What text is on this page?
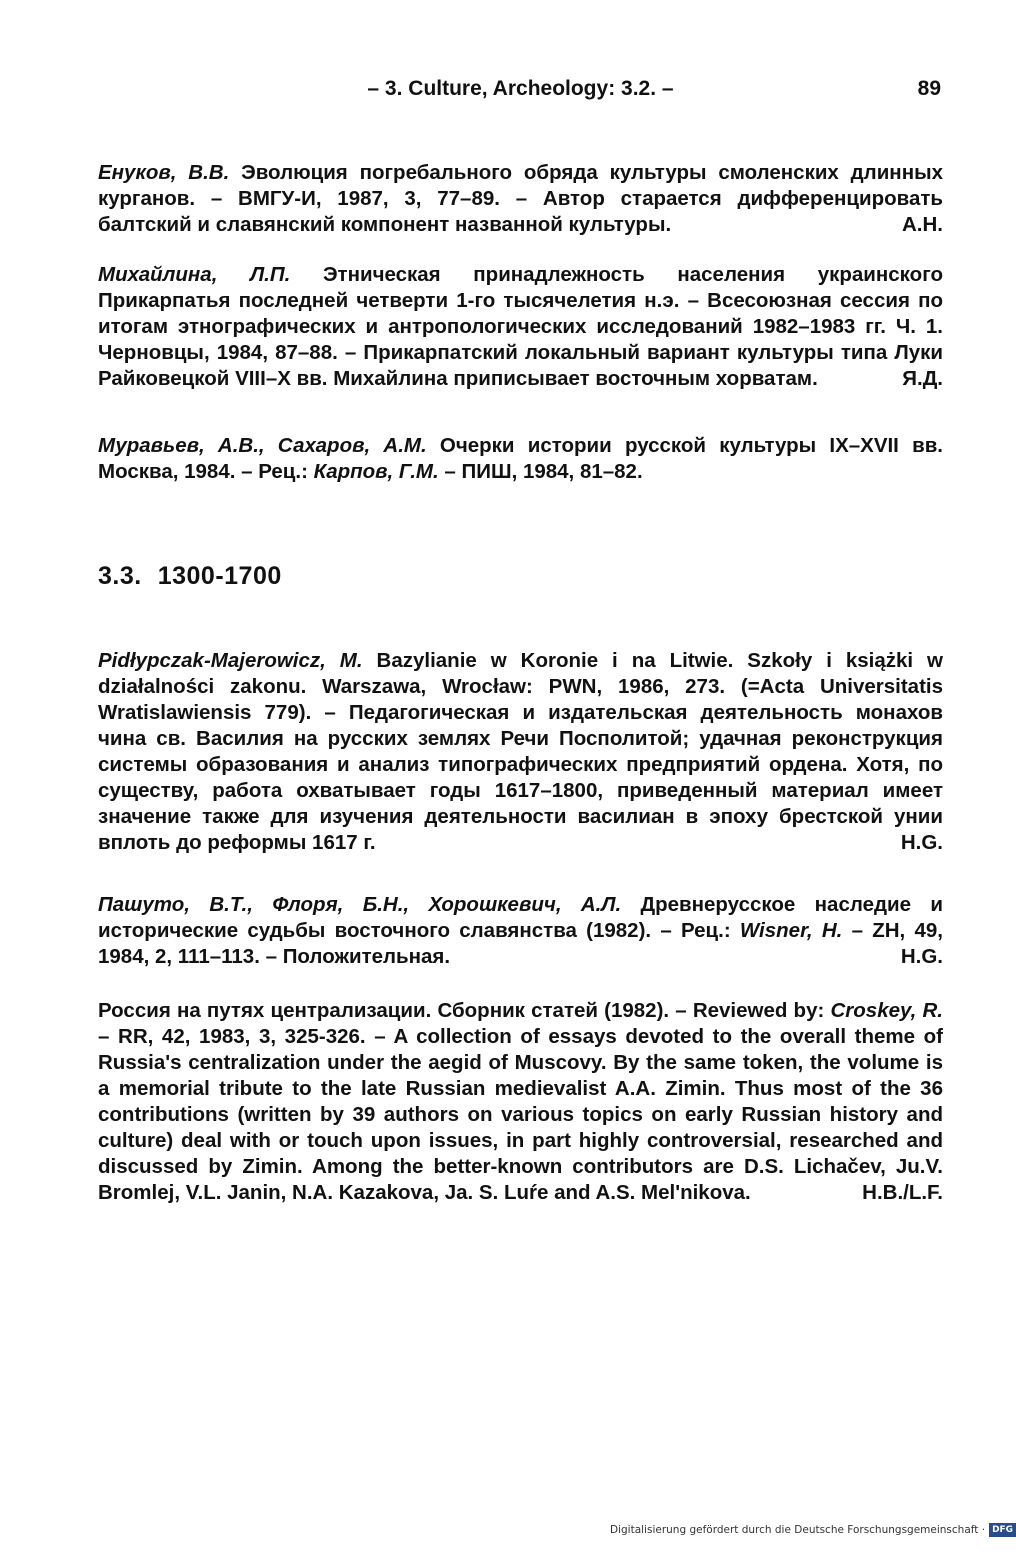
– 3. Culture, Archeology: 3.2. –	89
Енуков, В.В. Эволюция погребального обряда культуры смоленских длинных курганов. – ВМГУ-И, 1987, 3, 77–89. – Автор старается дифференцировать балтский и славянский компонент названной культуры.	А.Н.
Михайлина, Л.П. Этническая принадлежность населения украинского Прикарпатья последней четверти 1-го тысячелетия н.э. – Всесоюзная сессия по итогам этнографических и антропологических исследований 1982–1983 гг. Ч. 1. Черновцы, 1984, 87–88. – Прикарпатский локальный вариант культуры типа Луки Райковецкой VIII–X вв. Михайлина приписывает восточным хорватам.	Я.Д.
Муравьев, А.В., Сахаров, А.М. Очерки истории русской культуры IX–XVII вв. Москва, 1984. – Рец.: Карпов, Г.М. – ПИШ, 1984, 81–82.
3.3. 1300-1700
Pidłypczak-Majerowicz, M. Bazylianie w Koronie i na Litwie. Szkoły i książki w działalności zakonu. Warszawa, Wrocław: PWN, 1986, 273. (=Acta Universitatis Wratislawiensis 779). – Педагогическая и издательская деятельность монахов чина св. Василия на русских землях Речи Посполитой; удачная реконструкция системы образования и анализ типографических предприятий ордена. Хотя, по существу, работа охватывает годы 1617–1800, приведенный материал имеет значение также для изучения деятельности василиан в эпоху брестской унии вплоть до реформы 1617 г.	H.G.
Пашуто, В.Т., Флоря, Б.Н., Хорошкевич, А.Л. Древнерусское наследие и исторические судьбы восточного славянства (1982). – Рец.: Wisner, H. – ZH, 49, 1984, 2, 111–113. – Положительная.	H.G.
Россия на путях централизации. Сборник статей (1982). – Reviewed by: Croskey, R. – RR, 42, 1983, 3, 325-326. – A collection of essays devoted to the overall theme of Russia's centralization under the aegid of Muscovy. By the same token, the volume is a memorial tribute to the late Russian medievalist A.A. Zimin. Thus most of the 36 contributions (written by 39 authors on various topics on early Russian history and culture) deal with or touch upon issues, in part highly controversial, researched and discussed by Zimin. Among the better-known contributors are D.S. Lichačev, Ju.V. Bromlej, V.L. Janin, N.A. Kazakova, Ja. S. Luŕe and A.S. Mel'nikova.	H.B./L.F.
Digitalisierung gefördert durch die Deutsche Forschungsgemeinschaft · DFG
